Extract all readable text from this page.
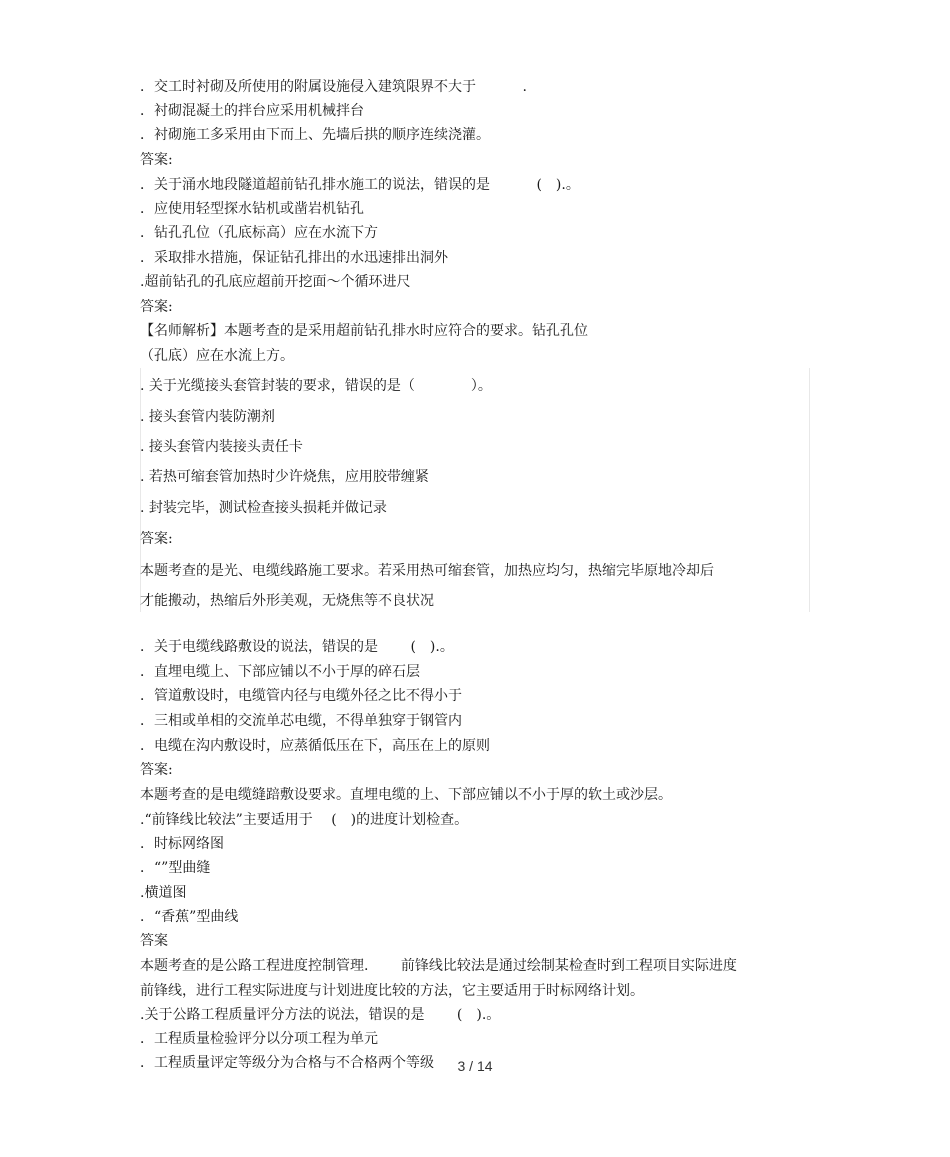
．交工时衬砌及所使用的附属设施侵入建筑限界不大于 　　　.
．衬砌混凝土的拌台应采用机械拌台
．衬砌施工多采用由下而上、先墙后拱的顺序连续浇灌。
答案:
．关于涌水地段隧道超前钻孔排水施工的说法，错误的是 　　　(　).。
．应使用轻型探水钻机或凿岩机钻孔
．钻孔孔位（孔底标高）应在水流下方
．采取排水措施，保证钻孔排出的水迅速排出洞外
.超前钻孔的孔底应超前开挖面～个循环进尺
答案:
【名师解析】本题考查的是采用超前钻孔排水时应符合的要求。钻孔孔位
（孔底）应在水流上方。
. 关于光缆接头套管封装的要求，错误的是（　　　　）。
. 接头套管内装防潮剂
. 接头套管内装接头责任卡
. 若热可缩套管加热时少许烧焦，应用胶带缠紧
. 封装完毕，测试检查接头损耗并做记录
答案:
本题考查的是光、电缆线路施工要求。若采用热可缩套管，加热应均匀，热缩完毕原地冷却后
才能搬动，热缩后外形美观，无烧焦等不良状况
．关于电缆线路敷设的说法，错误的是 　　(　).。
．直埋电缆上、下部应铺以不小于厚的碎石层
．管道敷设时，电缆管内径与电缆外径之比不得小于
．三相或单相的交流单芯电缆，不得单独穿于钢管内
．电缆在沟内敷设时，应蒸循低压在下，高压在上的原则
答案:
本题考查的是电缆缝踣敷设要求。直埋电缆的上、下部应铺以不小于厚的软土或沙层。
.“前锋线比较法”主要适用于 　(　)的进度计划检查。
．时标网络图
．“”型曲缝
.横道图
．“香蕉”型曲线
答案
本题考查的是公路工程进度控制管理. 　　前锋线比较法是通过绘制某检查时到工程项目实际进度
前锋线，进行工程实际进度与计划进度比较的方法，它主要适用于时标网络计划。
.关于公路工程质量评分方法的说法，错误的是 　　(　).。
．工程质量检验评分以分项工程为单元
．工程质量评定等级分为合格与不合格两个等级	3 / 14
